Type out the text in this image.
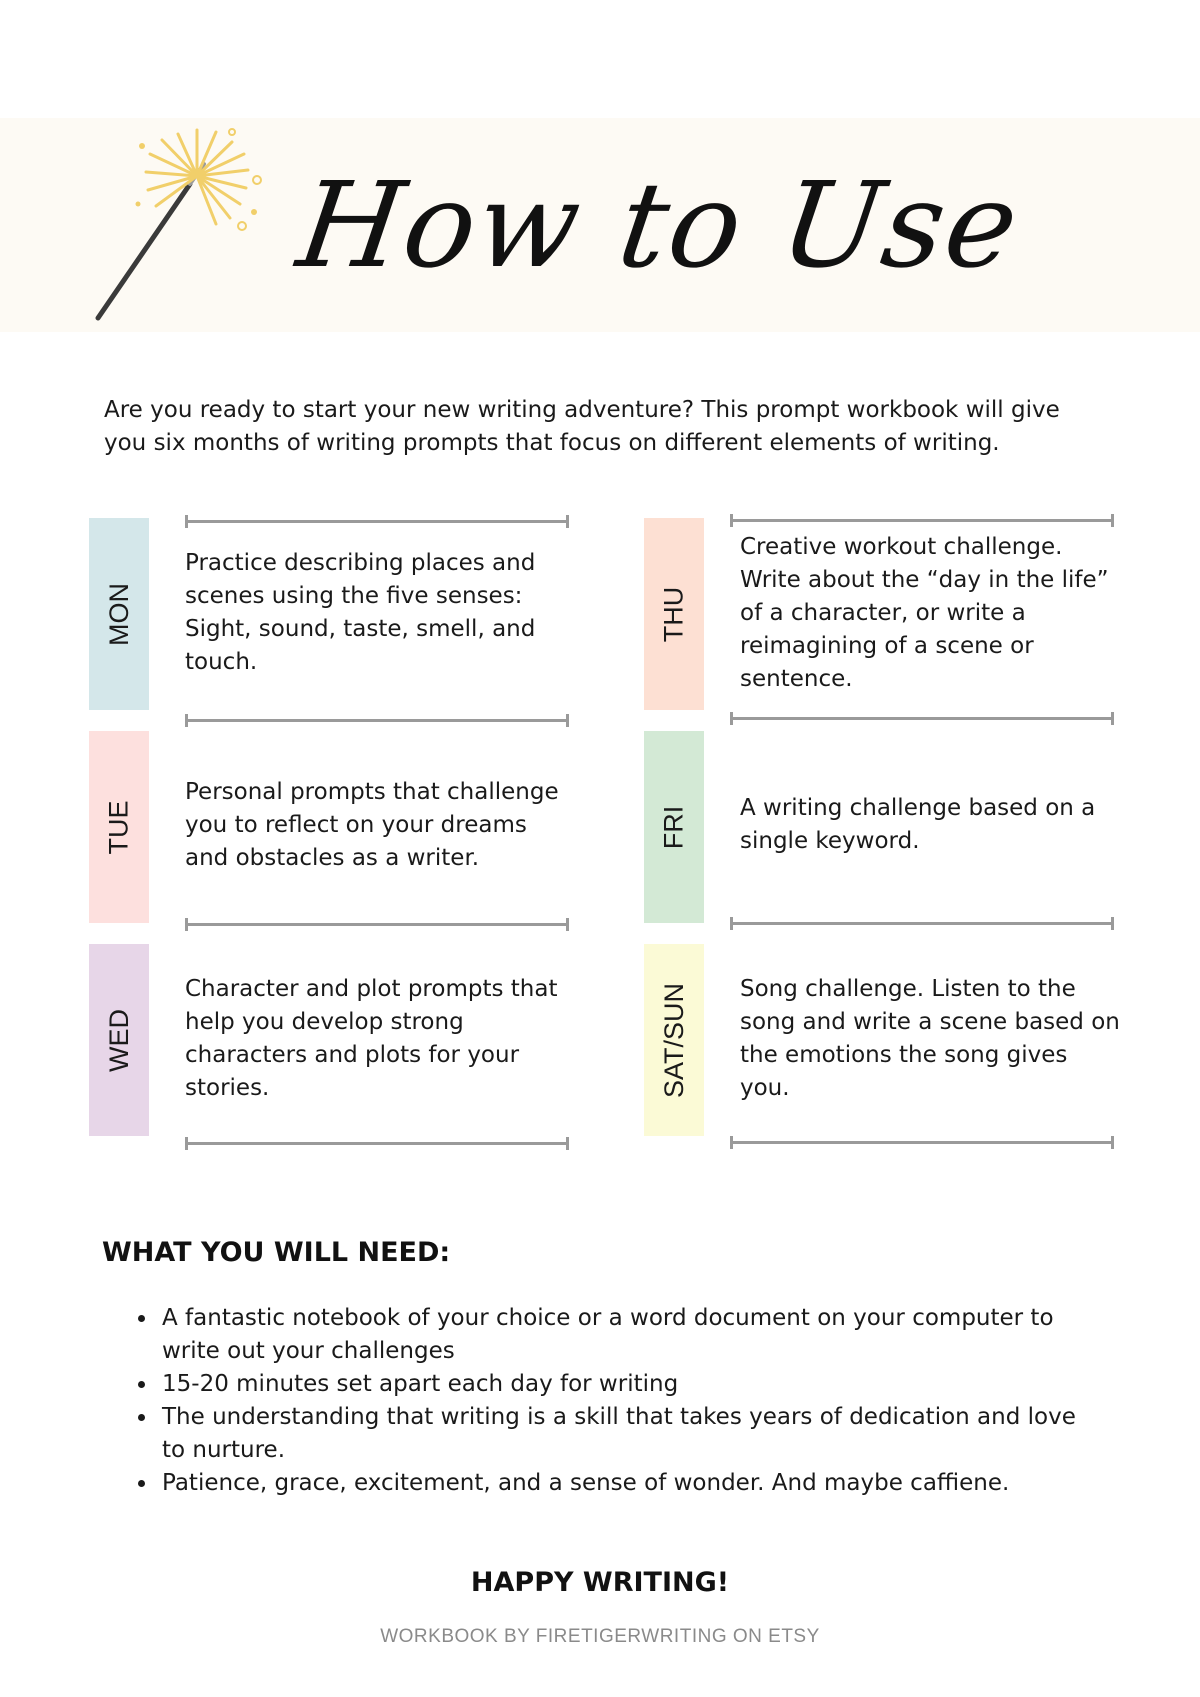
How to Use

Are you ready to start your new writing adventure? This prompt workbook will give you six months of writing prompts that focus on different elements of writing.

MON

Practice describing places and scenes using the five senses: Sight, sound, taste, smell, and touch.

TUE

Personal prompts that challenge you to reflect on your dreams and obstacles as a writer.

WED

Character and plot prompts that help you develop strong characters and plots for your stories.

THU

Creative workout challenge. Write about the “day in the life” of a character, or write a reimagining of a scene or sentence.

FRI A writing challenge based on a single keyword.

SAT/SUN Song challenge. Listen to the song and write a scene based on the emotions the song gives you.

WHAT YOU WILL NEED:
• A fantastic notebook of your choice or a word document on your computer to write out your challenges
• 15-20 minutes set apart each day for writing
• The understanding that writing is a skill that takes years of dedication and love to nurture.
• Patience, grace, excitement, and a sense of wonder. And maybe caffiene.
HAPPY WRITING!
WORKBOOK BY FIRETIGERWRITING ON ETSY
